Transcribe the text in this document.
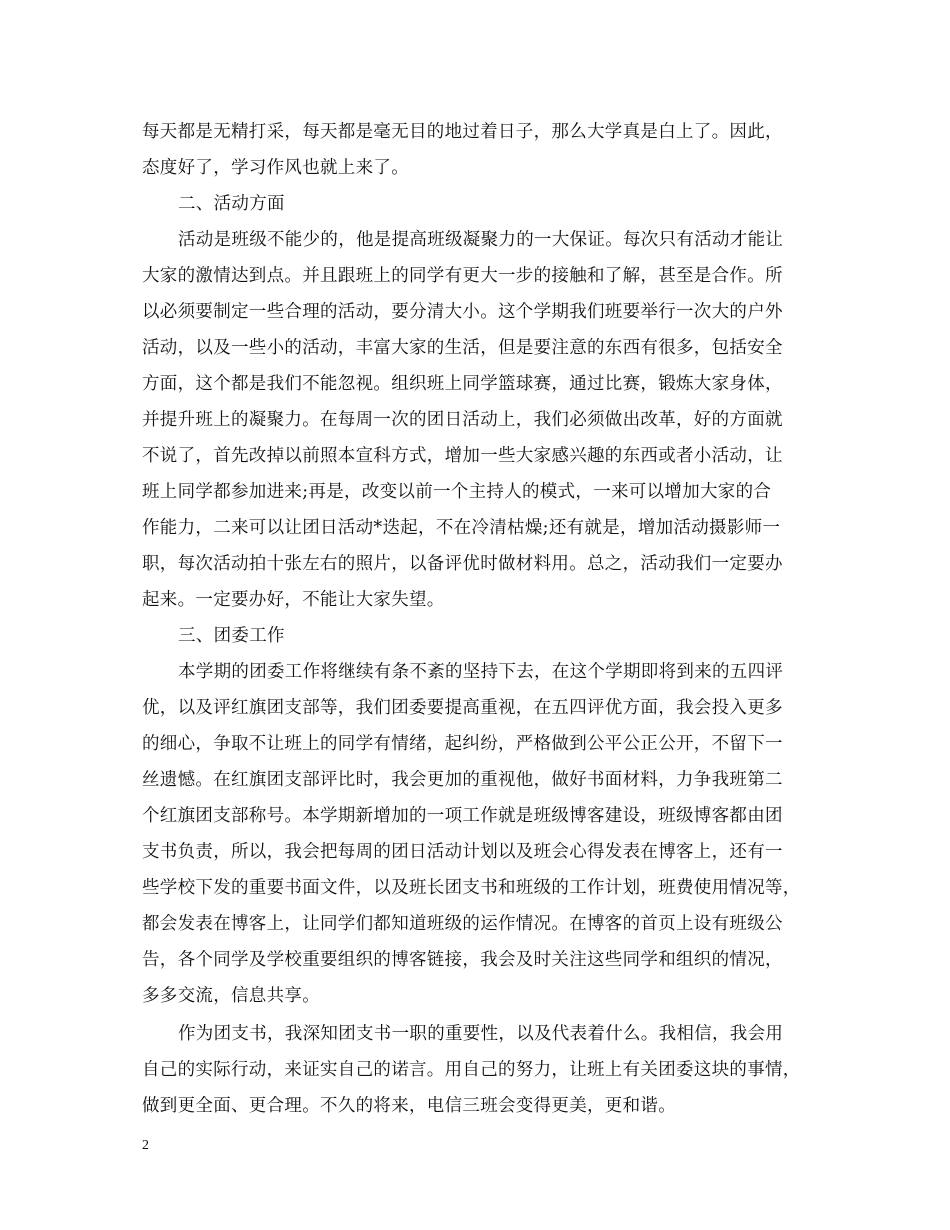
每天都是无精打采，每天都是毫无目的地过着日子，那么大学真是白上了。因此，
态度好了，学习作风也就上来了。
二、活动方面
活动是班级不能少的，他是提高班级凝聚力的一大保证。每次只有活动才能让
大家的激情达到点。并且跟班上的同学有更大一步的接触和了解，甚至是合作。所
以必须要制定一些合理的活动，要分清大小。这个学期我们班要举行一次大的户外
活动，以及一些小的活动，丰富大家的生活，但是要注意的东西有很多，包括安全
方面，这个都是我们不能忽视。组织班上同学篮球赛，通过比赛，锻炼大家身体，
并提升班上的凝聚力。在每周一次的团日活动上，我们必须做出改革，好的方面就
不说了，首先改掉以前照本宣科方式，增加一些大家感兴趣的东西或者小活动，让
班上同学都参加进来;再是，改变以前一个主持人的模式，一来可以增加大家的合
作能力，二来可以让团日活动*迭起，不在冷清枯燥;还有就是，增加活动摄影师一
职，每次活动拍十张左右的照片，以备评优时做材料用。总之，活动我们一定要办
起来。一定要办好，不能让大家失望。
三、团委工作
本学期的团委工作将继续有条不紊的坚持下去，在这个学期即将到来的五四评
优，以及评红旗团支部等，我们团委要提高重视，在五四评优方面，我会投入更多
的细心，争取不让班上的同学有情绪，起纠纷，严格做到公平公正公开，不留下一
丝遗憾。在红旗团支部评比时，我会更加的重视他，做好书面材料，力争我班第二
个红旗团支部称号。本学期新增加的一项工作就是班级博客建设，班级博客都由团
支书负责，所以，我会把每周的团日活动计划以及班会心得发表在博客上，还有一
些学校下发的重要书面文件，以及班长团支书和班级的工作计划，班费使用情况等，
都会发表在博客上，让同学们都知道班级的运作情况。在博客的首页上设有班级公
告，各个同学及学校重要组织的博客链接，我会及时关注这些同学和组织的情况，
多多交流，信息共享。
作为团支书，我深知团支书一职的重要性，以及代表着什么。我相信，我会用
自己的实际行动，来证实自己的诺言。用自己的努力，让班上有关团委这块的事情，
做到更全面、更合理。不久的将来，电信三班会变得更美，更和谐。
2
